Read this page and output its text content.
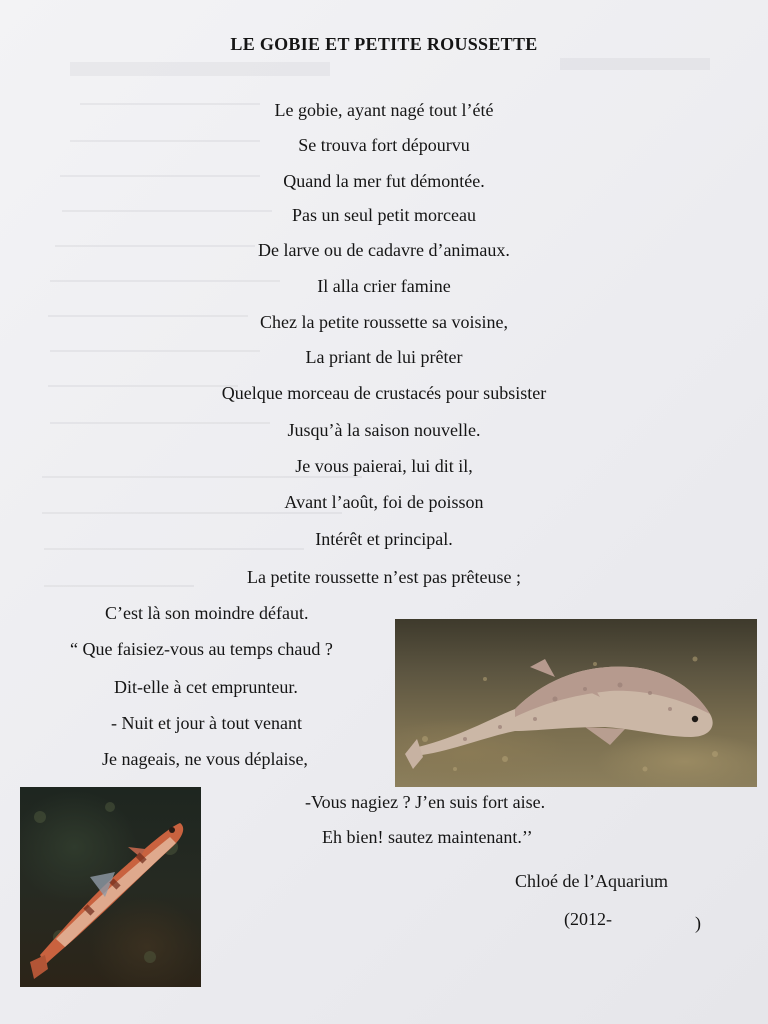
LE GOBIE ET PETITE ROUSSETTE
Le gobie, ayant nagé tout l’été
Se trouva fort dépourvu
Quand la mer fut démontée.
Pas un seul petit morceau
De larve ou de cadavre d’animaux.
Il alla crier famine
Chez la petite roussette sa voisine,
La priant de lui prêter
Quelque morceau de crustacés pour subsister
Jusqu’à la saison nouvelle.
Je vous paierai, lui dit il,
Avant l’août, foi de poisson
Intérêt et principal.
La petite roussette n’est pas prêteuse ;
C’est là son moindre défaut.
“ Que faisiez-vous au temps chaud ?
Dit-elle à cet emprunteur.
- Nuit et jour à tout venant
Je nageais, ne vous déplaise,
-Vous nagiez ? J’en suis fort aise.
Eh bien! sautez maintenant.’’
Chloé de l’Aquarium
(2012-	)
